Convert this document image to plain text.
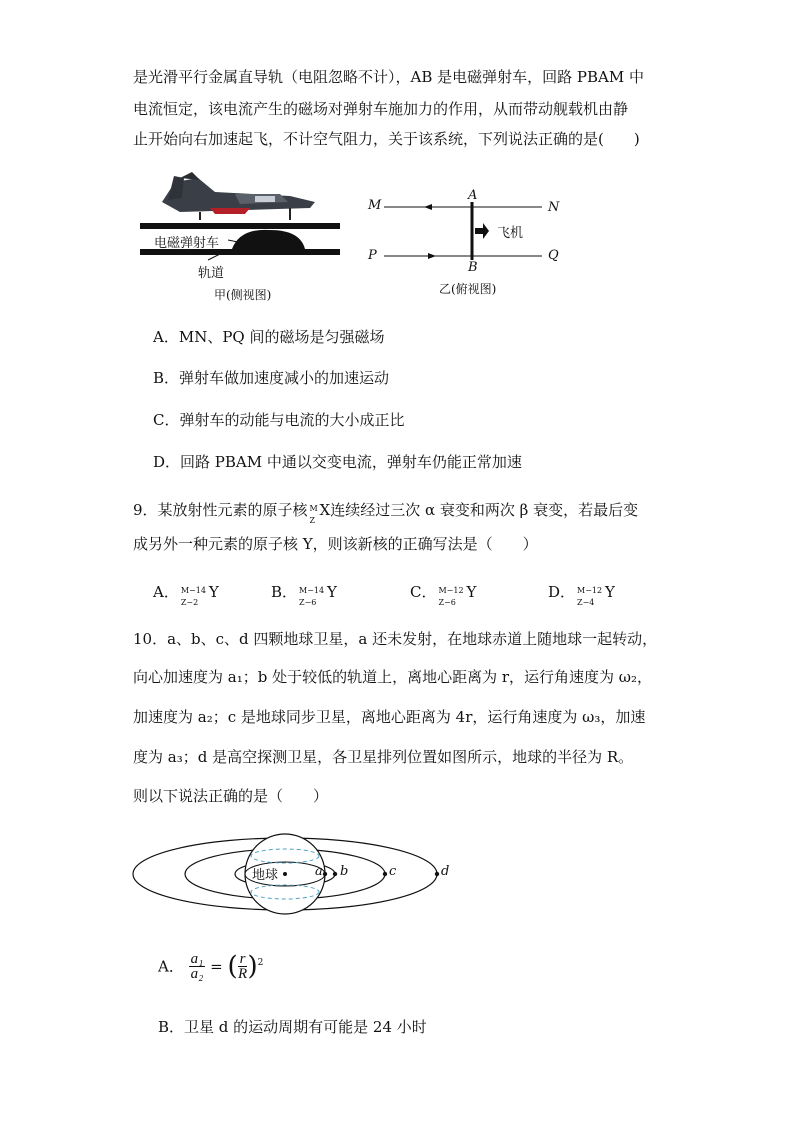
是光滑平行金属直导轨（电阻忽略不计），AB 是电磁弹射车，回路 PBAM 中
电流恒定，该电流产生的磁场对弹射车施加力的作用，从而带动舰载机由静
止开始向右加速起飞，不计空气阻力，关于该系统，下列说法正确的是(　　)
电磁弹射车
轨道
甲(侧视图)
M	N
P	Q
A
B
飞机
乙(俯视图)
A．MN、PQ 间的磁场是匀强磁场
B．弹射车做加速度减小的加速运动
C．弹射车的动能与电流的大小成正比
D．回路 PBAM 中通以交变电流，弹射车仍能正常加速
9．某放射性元素的原子核 M
Z
X连续经过三次 α 衰变和两次 β 衰变，若最后变
成另外一种元素的原子核 Y，则该新核的正确写法是（　　）
A． M−14
Z−2
Y	B． M−14
Z−6
Y	C． M−12
Z−6
Y	D． M−12
Z−4
Y
10．a、b、c、d 四颗地球卫星，a 还未发射，在地球赤道上随地球一起转动，
向心加速度为 a₁；b 处于较低的轨道上，离地心距离为 r，运行角速度为 ω₂，
加速度为 a₂；c 是地球同步卫星，离地心距离为 4r，运行角速度为 ω₃，加速
度为 a₃；d 是高空探测卫星，各卫星排列位置如图所示，地球的半径为 R。
则以下说法正确的是（　　）
地球	a b	c	d
A． $\frac{\text{a₁}}{\text{a₂}}$ = ( $\frac{r}{R} )^2$
B．卫星 d 的运动周期有可能是 24 小时
